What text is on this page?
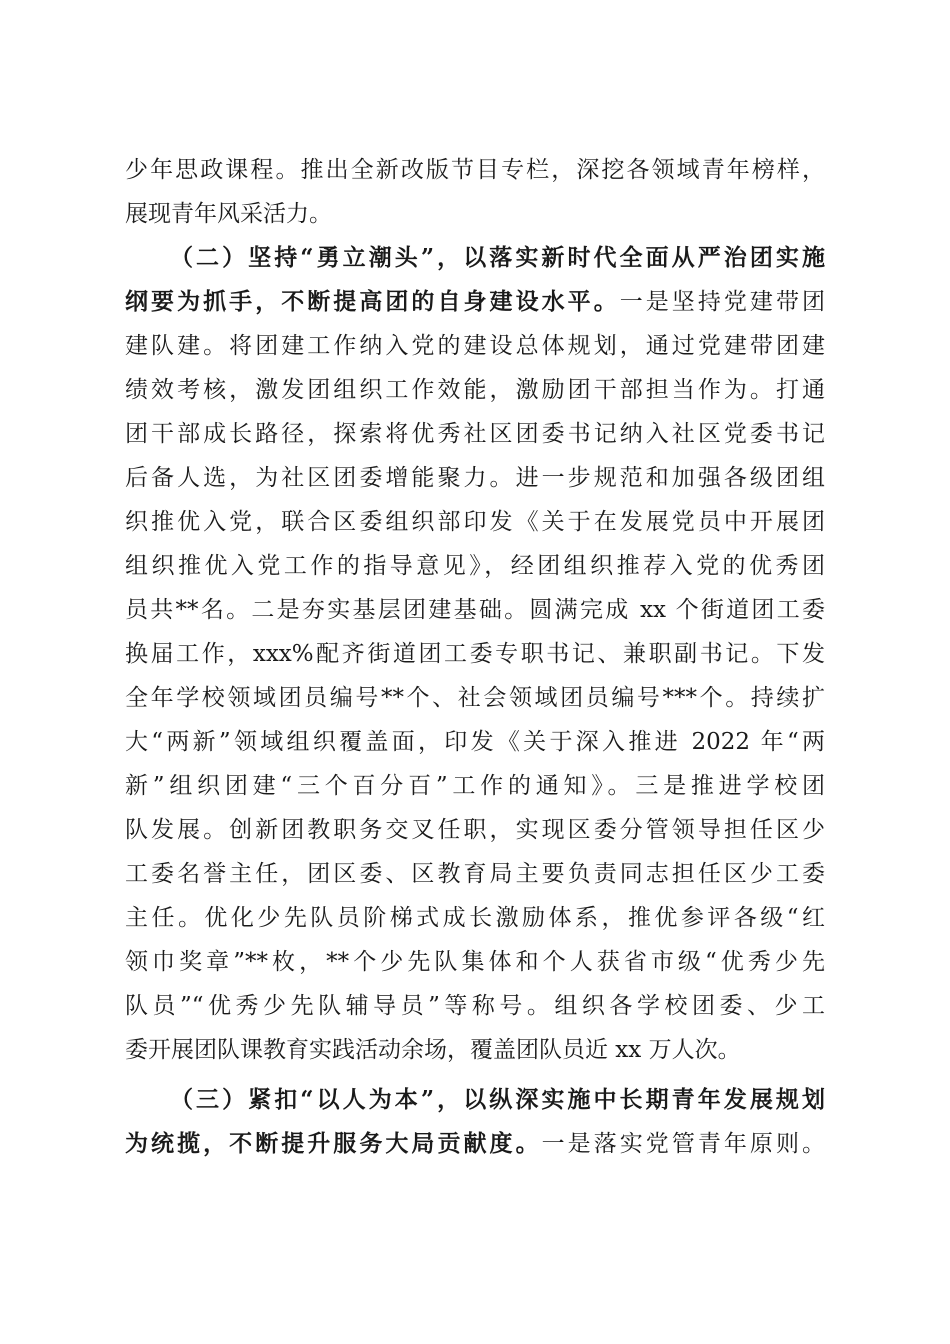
少年思政课程。推出全新改版节目专栏，深挖各领域青年榜样，
展现青年风采活力。
（二）坚持“勇立潮头”，以落实新时代全面从严治团实施
纲要为抓手，不断提高团的自身建设水平。一是坚持党建带团
建队建。将团建工作纳入党的建设总体规划，通过党建带团建
绩效考核，激发团组织工作效能，激励团干部担当作为。打通
团干部成长路径，探索将优秀社区团委书记纳入社区党委书记
后备人选，为社区团委增能聚力。进一步规范和加强各级团组
织推优入党，联合区委组织部印发《关于在发展党员中开展团
组织推优入党工作的指导意见》，经团组织推荐入党的优秀团
员共**名。二是夯实基层团建基础。圆满完成 xx 个街道团工委
换届工作，xxx%配齐街道团工委专职书记、兼职副书记。下发
全年学校领域团员编号**个、社会领域团员编号***个。持续扩
大“两新”领域组织覆盖面，印发《关于深入推进 2022 年“两
新”组织团建“三个百分百”工作的通知》。三是推进学校团
队发展。创新团教职务交叉任职，实现区委分管领导担任区少
工委名誉主任，团区委、区教育局主要负责同志担任区少工委
主任。优化少先队员阶梯式成长激励体系，推优参评各级“红
领巾奖章”**枚，**个少先队集体和个人获省市级“优秀少先
队员”“优秀少先队辅导员”等称号。组织各学校团委、少工
委开展团队课教育实践活动余场，覆盖团队员近 xx 万人次。
（三）紧扣“以人为本”，以纵深实施中长期青年发展规划
为统揽，不断提升服务大局贡献度。一是落实党管青年原则。
